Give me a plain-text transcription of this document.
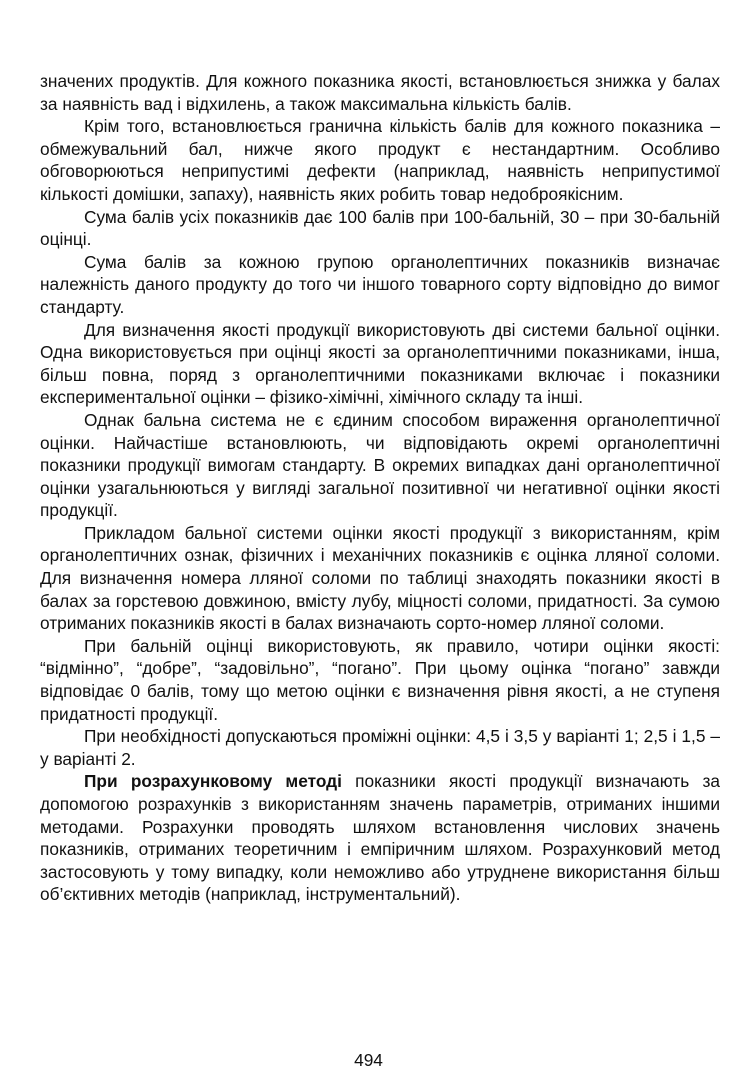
значених продуктів. Для кожного показника якості, встановлюється знижка у балах за наявність вад і відхилень, а також максимальна кількість балів.

Крім того, встановлюється гранична кількість балів для кожного показника – обмежувальний бал, нижче якого продукт є нестандартним. Особливо обговорюються неприпустимі дефекти (наприклад, наявність неприпустимої кількості домішки, запаху), наявність яких робить товар недоброякісним.

Сума балів усіх показників дає 100 балів при 100-бальній, 30 – при 30-бальній оцінці.

Сума балів за кожною групою органолептичних показників визначає належність даного продукту до того чи іншого товарного сорту відповідно до вимог стандарту.

Для визначення якості продукції використовують дві системи бальної оцінки. Одна використовується при оцінці якості за органолептичними показниками, інша, більш повна, поряд з органолептичними показниками включає і показники експериментальної оцінки – фізико-хімічні, хімічного складу та інші.

Однак бальна система не є єдиним способом вираження органолептичної оцінки. Найчастіше встановлюють, чи відповідають окремі органолептичні показники продукції вимогам стандарту. В окремих випадках дані органолептичної оцінки узагальнюються у вигляді загальної позитивної чи негативної оцінки якості продукції.

Прикладом бальної системи оцінки якості продукції з використанням, крім органолептичних ознак, фізичних і механічних показників є оцінка лляної соломи. Для визначення номера лляної соломи по таблиці знаходять показники якості в балах за горстевою довжиною, вмісту лубу, міцності соломи, придатності. За сумою отриманих показників якості в балах визначають сорто-номер лляної соломи.

При бальній оцінці використовують, як правило, чотири оцінки якості: “відмінно”, “добре”, “задовільно”, “погано”. При цьому оцінка “погано” завжди відповідає 0 балів, тому що метою оцінки є визначення рівня якості, а не ступеня придатності продукції.

При необхідності допускаються проміжні оцінки: 4,5 і 3,5 у варіанті 1; 2,5 і 1,5 – у варіанті 2.

При розрахунковому методі показники якості продукції визначають за допомогою розрахунків з використанням значень параметрів, отриманих іншими методами. Розрахунки проводять шляхом встановлення числових значень показників, отриманих теоретичним і емпіричним шляхом. Розрахунковий метод застосовують у тому випадку, коли неможливо або утруднене використання більш об’єктивних методів (наприклад, інструментальний).

494
